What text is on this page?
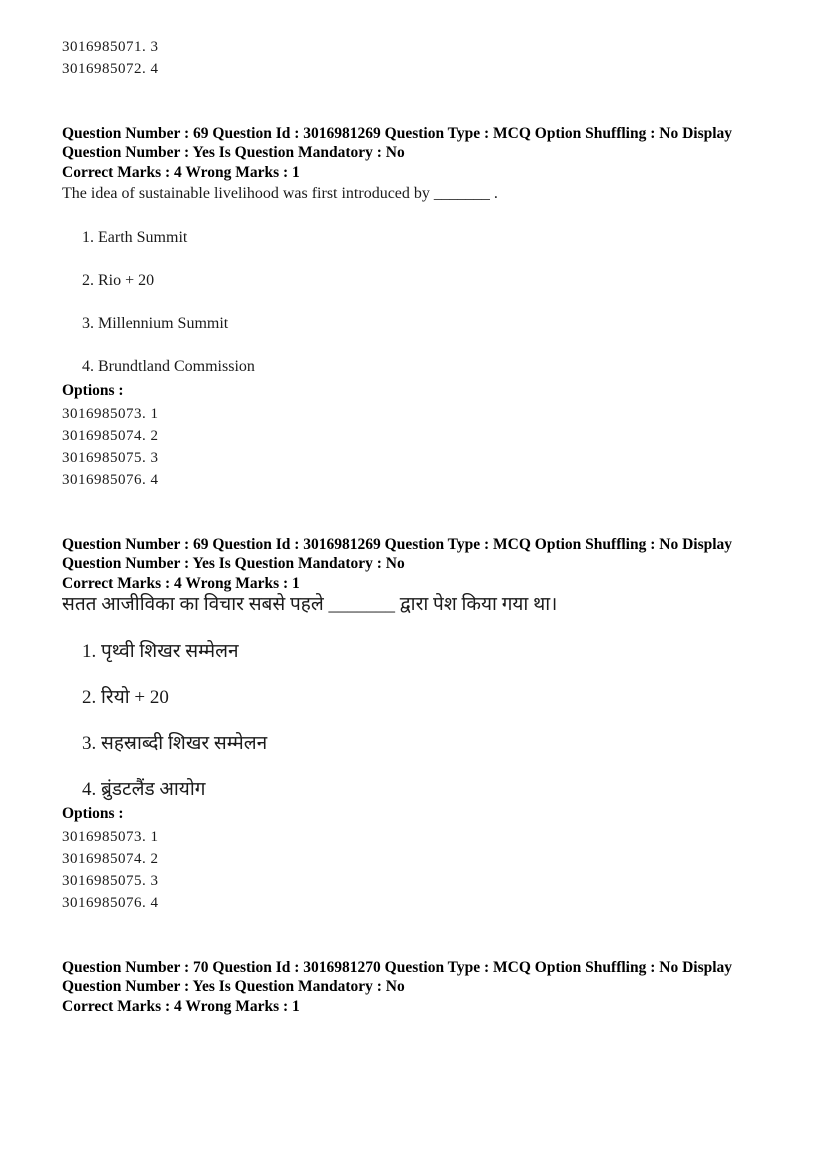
3016985071. 3
3016985072. 4

Question Number : 69 Question Id : 3016981269 Question Type : MCQ Option Shuffling : No Display Question Number : Yes Is Question Mandatory : No

Correct Marks : 4 Wrong Marks : 1

The idea of sustainable livelihood was first introduced by _______ .

1. Earth Summit

2. Rio + 20

3. Millennium Summit

4. Brundtland Commission

Options :

3016985073. 1
3016985074. 2
3016985075. 3
3016985076. 4

Question Number : 69 Question Id : 3016981269 Question Type : MCQ Option Shuffling : No Display Question Number : Yes Is Question Mandatory : No

Correct Marks : 4 Wrong Marks : 1

सतत आजीविका का विचार सबसे पहले _______ द्वारा पेश किया गया था।

1. पृथ्वी शिखर सम्मेलन

2. रियो + 20

3. सहस्राब्दी शिखर सम्मेलन

4. ब्रुंडटलैंड आयोग

Options :

3016985073. 1
3016985074. 2
3016985075. 3
3016985076. 4

Question Number : 70 Question Id : 3016981270 Question Type : MCQ Option Shuffling : No Display Question Number : Yes Is Question Mandatory : No

Correct Marks : 4 Wrong Marks : 1
